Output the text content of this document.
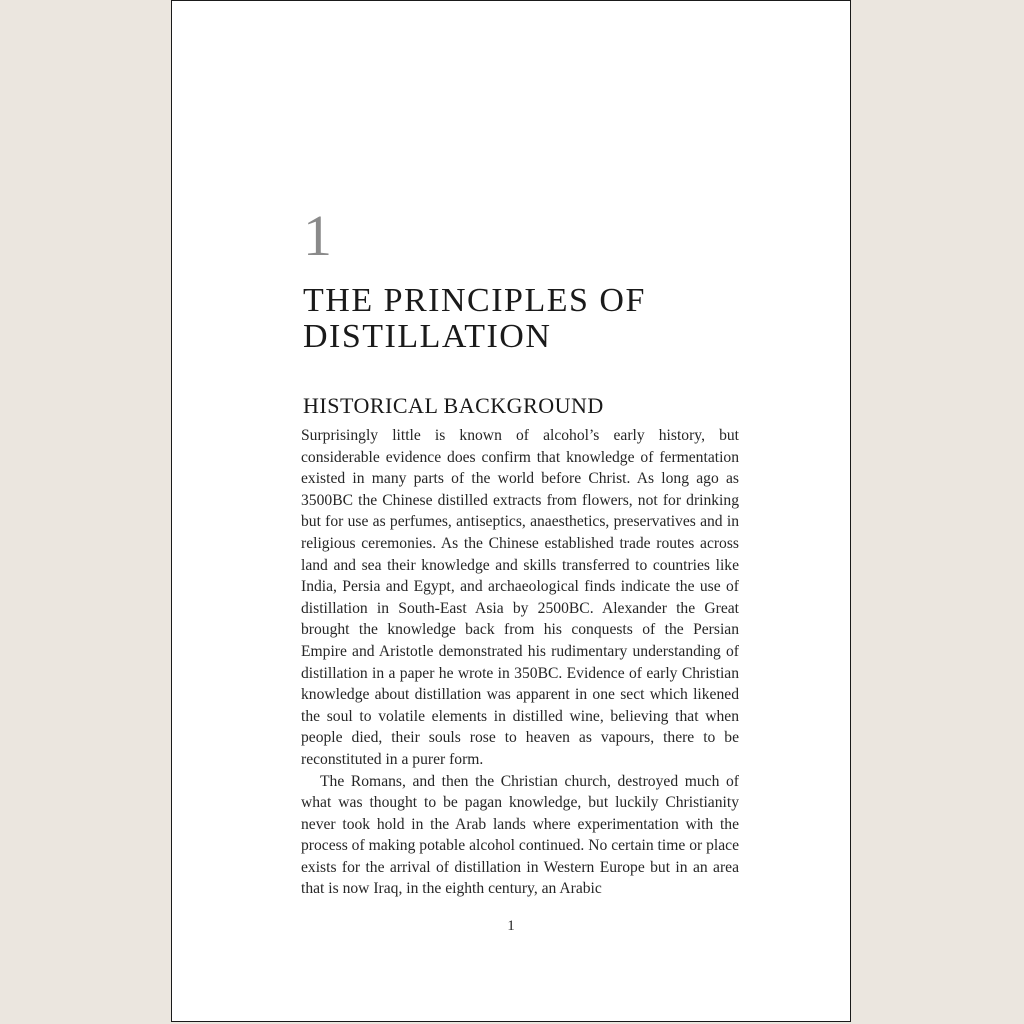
1
THE PRINCIPLES OF
DISTILLATION
HISTORICAL BACKGROUND

Surprisingly little is known of alcohol’s early history, but considerable evidence does confirm that knowledge of fermentation existed in many parts of the world before Christ. As long ago as 3500BC the Chinese distilled extracts from flowers, not for drinking but for use as perfumes, antiseptics, anaesthetics, preservatives and in religious ceremonies. As the Chinese established trade routes across land and sea their knowledge and skills transferred to countries like India, Persia and Egypt, and archaeological finds indicate the use of distillation in South-East Asia by 2500BC. Alexander the Great brought the knowledge back from his conquests of the Persian Empire and Aristotle demonstrated his rudimentary understanding of distillation in a paper he wrote in 350BC. Evidence of early Christian knowledge about distillation was apparent in one sect which likened the soul to volatile elements in distilled wine, believing that when people died, their souls rose to heaven as vapours, there to be reconstituted in a purer form.

The Romans, and then the Christian church, destroyed much of what was thought to be pagan knowledge, but luckily Christianity never took hold in the Arab lands where experimentation with the process of making potable alcohol continued. No certain time or place exists for the arrival of distillation in Western Europe but in an area that is now Iraq, in the eighth century, an Arabic

1
